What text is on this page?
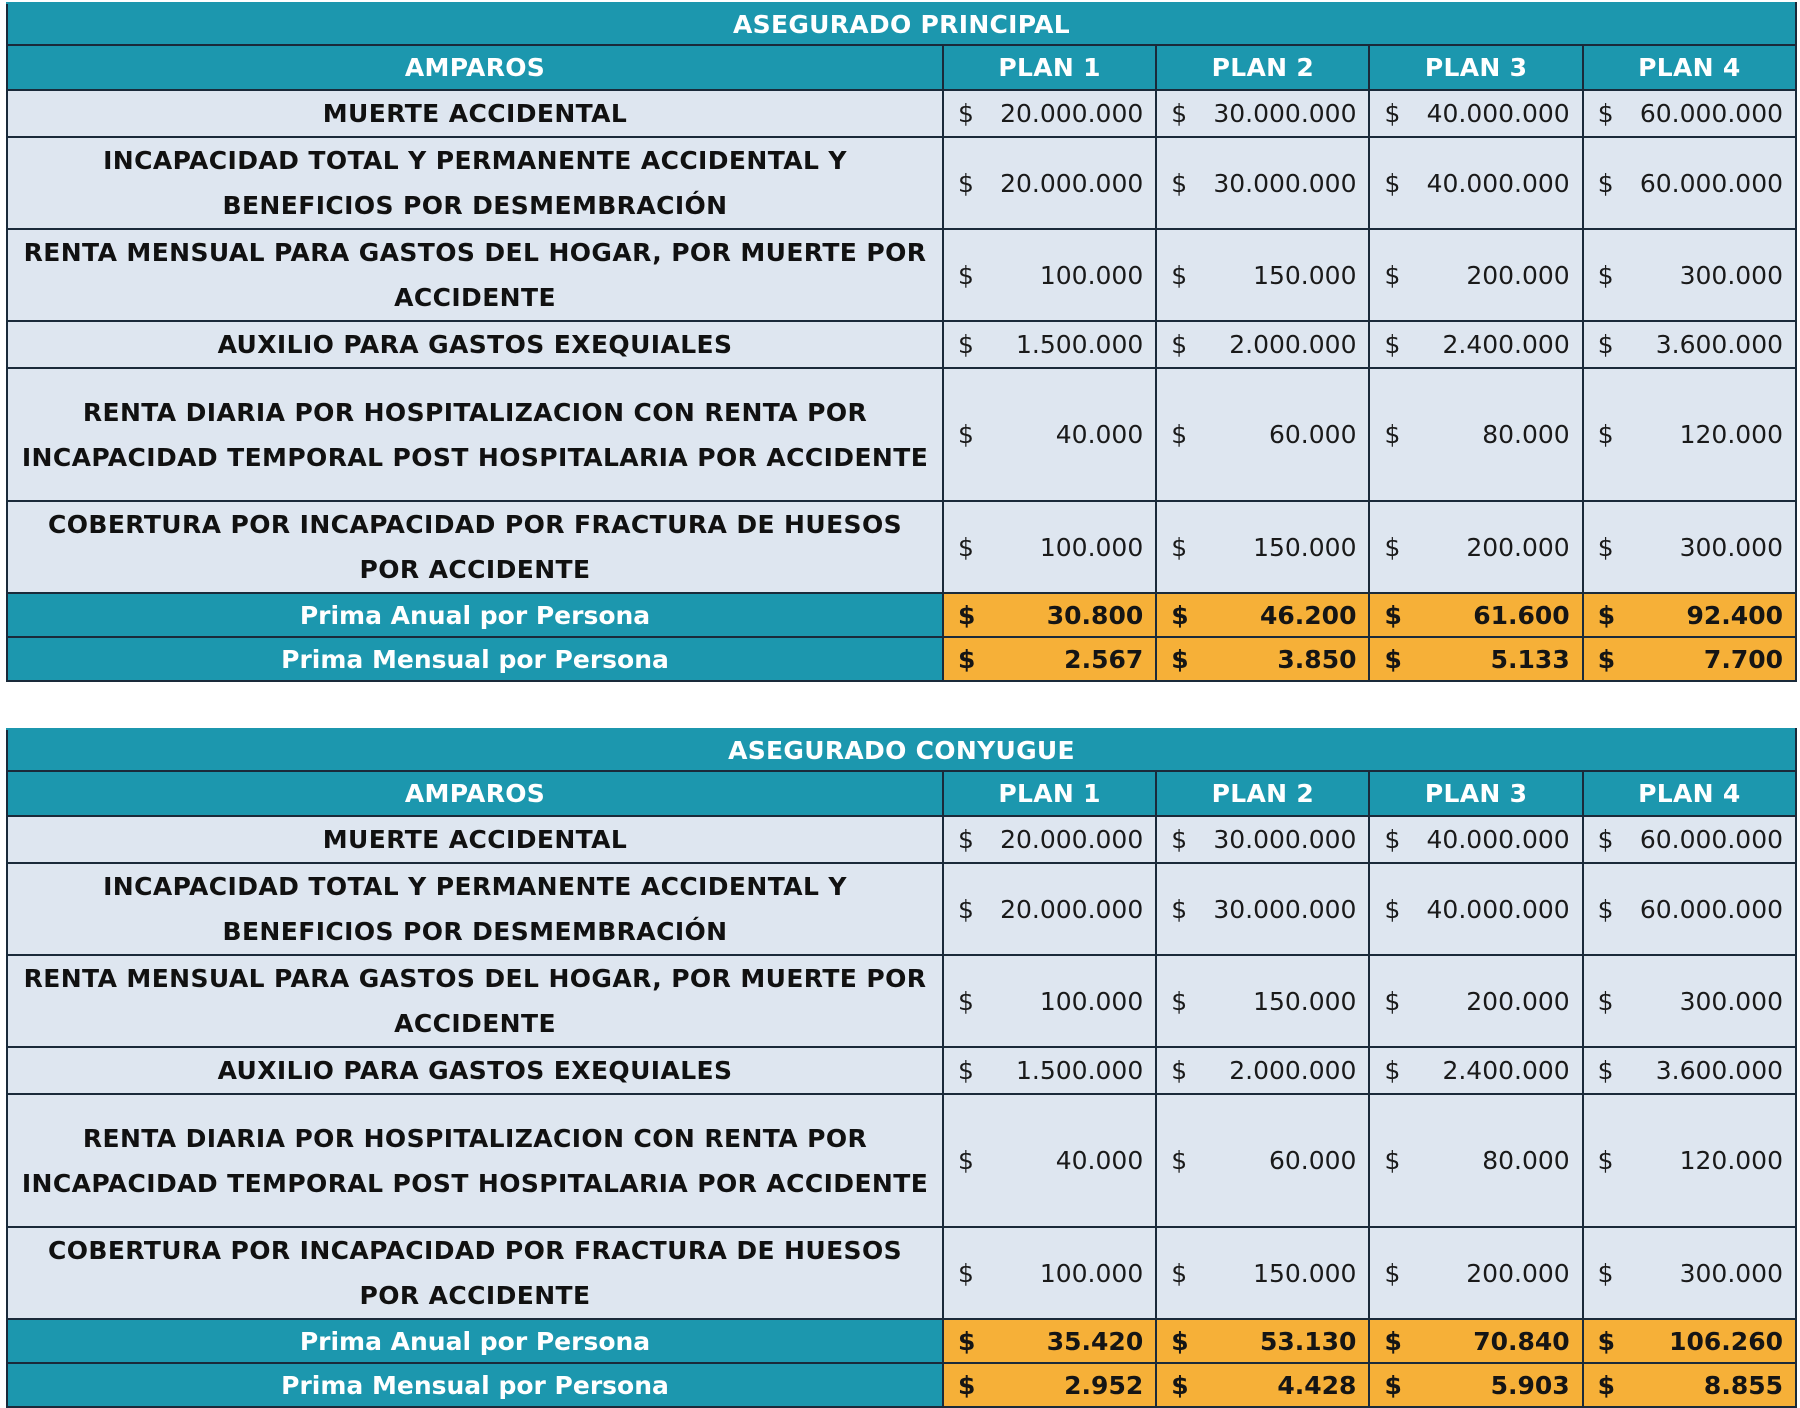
ASEGURADO PRINCIPAL				
AMPAROS	PLAN 1	PLAN 2	PLAN 3	PLAN 4
MUERTE ACCIDENTAL	$ 20.000.000	$ 30.000.000	$ 40.000.000	$ 60.000.000

INCAPACIDAD TOTAL Y PERMANENTE ACCIDENTAL Y BENEFICIOS POR DESMEMBRACIÓN	$ 20.000.000	$ 30.000.000	$ 40.000.000	$ 60.000.000

RENTA MENSUAL PARA GASTOS DEL HOGAR, POR MUERTE POR ACCIDENTE	$ 100.000	$ 150.000	$ 200.000	$ 300.000

AUXILIO PARA GASTOS EXEQUIALES	$ 1.500.000	$ 2.000.000	$ 2.400.000	$ 3.600.000

RENTA DIARIA POR HOSPITALIZACION CON RENTA POR INCAPACIDAD TEMPORAL POST HOSPITALARIA POR ACCIDENTE	$ 40.000	$ 60.000	$ 80.000	$ 120.000

COBERTURA POR INCAPACIDAD POR FRACTURA DE HUESOS POR ACCIDENTE	$ 100.000	$ 150.000	$ 200.000	$ 300.000

Prima Anual por Persona	$ 30.800	$ 46.200	$ 61.600	$ 92.400

Prima Mensual por Persona	$ 2.567	$ 3.850	$ 5.133	$ 7.700
ASEGURADO CONYUGUE				
AMPAROS	PLAN 1	PLAN 2	PLAN 3	PLAN 4
MUERTE ACCIDENTAL	$ 20.000.000	$ 30.000.000	$ 40.000.000	$ 60.000.000

INCAPACIDAD TOTAL Y PERMANENTE ACCIDENTAL Y BENEFICIOS POR DESMEMBRACIÓN	$ 20.000.000	$ 30.000.000	$ 40.000.000	$ 60.000.000

RENTA MENSUAL PARA GASTOS DEL HOGAR, POR MUERTE POR ACCIDENTE	$ 100.000	$ 150.000	$ 200.000	$ 300.000

AUXILIO PARA GASTOS EXEQUIALES	$ 1.500.000	$ 2.000.000	$ 2.400.000	$ 3.600.000

RENTA DIARIA POR HOSPITALIZACION CON RENTA POR INCAPACIDAD TEMPORAL POST HOSPITALARIA POR ACCIDENTE	$ 40.000	$ 60.000	$ 80.000	$ 120.000

COBERTURA POR INCAPACIDAD POR FRACTURA DE HUESOS POR ACCIDENTE	$ 100.000	$ 150.000	$ 200.000	$ 300.000

Prima Anual por Persona	$ 35.420	$ 53.130	$ 70.840	$ 106.260

Prima Mensual por Persona	$ 2.952	$ 4.428	$ 5.903	$ 8.855
